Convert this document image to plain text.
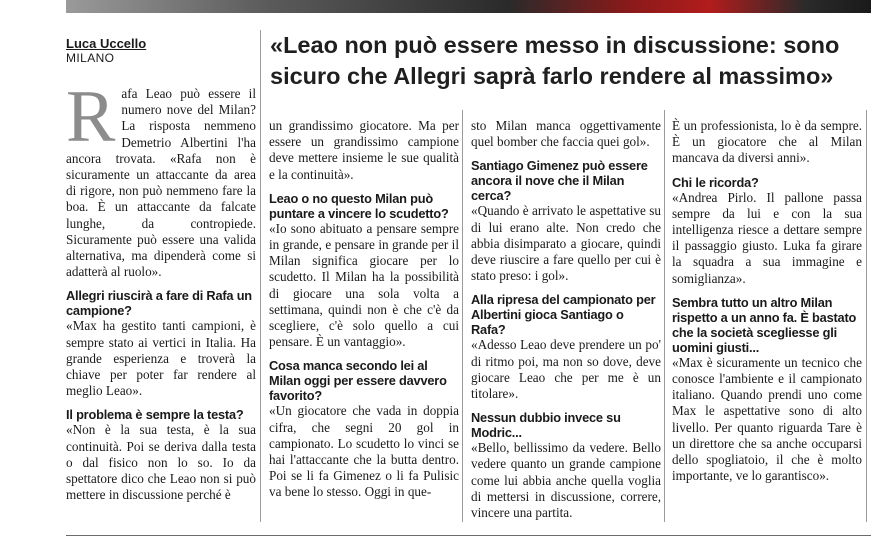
Luca Uccello
MILANO	«Leao non può essere messo in discussione: sono
sicuro che Allegri saprà farlo rendere al massimo»

Rafa Leao può essere il numero nove del Milan? La risposta nemmeno Demetrio Albertini l'ha ancora trovata. «Rafa non è sicuramente un attaccante da area di rigore, non può nemmeno fare la boa. È un attaccante da falcate lunghe, da contropiede. Sicuramente può essere una valida alternativa, ma dipenderà come si adatterà al ruolo».

Allegri riuscirà a fare di Rafa un campione?

«Max ha gestito tanti campioni, è sempre stato ai vertici in Italia. Ha grande esperienza e troverà la chiave per poter far rendere al meglio Leao».

Il problema è sempre la testa?

«Non è la sua testa, è la sua continuità. Poi se deriva dalla testa o dal fisico non lo so. Io da spettatore dico che Leao non si può mettere in discussione perché è

un grandissimo giocatore. Ma per essere un grandissimo campione deve mettere insieme le sue qualità e la continuità».

Leao o no questo Milan può puntare a vincere lo scudetto?

«Io sono abituato a pensare sempre in grande, e pensare in grande per il Milan significa giocare per lo scudetto. Il Milan ha la possibilità di giocare una sola volta a settimana, quindi non è che c'è da scegliere, c'è solo quello a cui pensare. È un vantaggio».

Cosa manca secondo lei al Milan oggi per essere davvero favorito?

«Un giocatore che vada in doppia cifra, che segni 20 gol in campionato. Lo scudetto lo vinci se hai l'attaccante che la butta dentro. Poi se li fa Gimenez o li fa Pulisic va bene lo stesso. Oggi in que-

sto Milan manca oggettivamente quel bomber che faccia quei gol».

Santiago Gimenez può essere ancora il nove che il Milan cerca?

«Quando è arrivato le aspettative su di lui erano alte. Non credo che abbia disimparato a giocare, quindi deve riuscire a fare quello per cui è stato preso: i gol».

Alla ripresa del campionato per Albertini gioca Santiago o Rafa?

«Adesso Leao deve prendere un po' di ritmo poi, ma non so dove, deve giocare Leao che per me è un titolare».

Nessun dubbio invece su Modric...

«Bello, bellissimo da vedere. Bello vedere quanto un grande campione come lui abbia anche quella voglia di mettersi in discussione, correre, vincere una partita.

È un professionista, lo è da sempre. È un giocatore che al Milan mancava da diversi anni».

Chi le ricorda?

«Andrea Pirlo. Il pallone passa sempre da lui e con la sua intelligenza riesce a dettare sempre il passaggio giusto. Luka fa girare la squadra a sua immagine e somiglianza».

Sembra tutto un altro Milan rispetto a un anno fa. È bastato che la società scegliesse gli uomini giusti...

«Max è sicuramente un tecnico che conosce l'ambiente e il campionato italiano. Quando prendi uno come Max le aspettative sono di alto livello. Per quanto riguarda Tare è un direttore che sa anche occuparsi dello spogliatoio, il che è molto importante, ve lo garantisco».
